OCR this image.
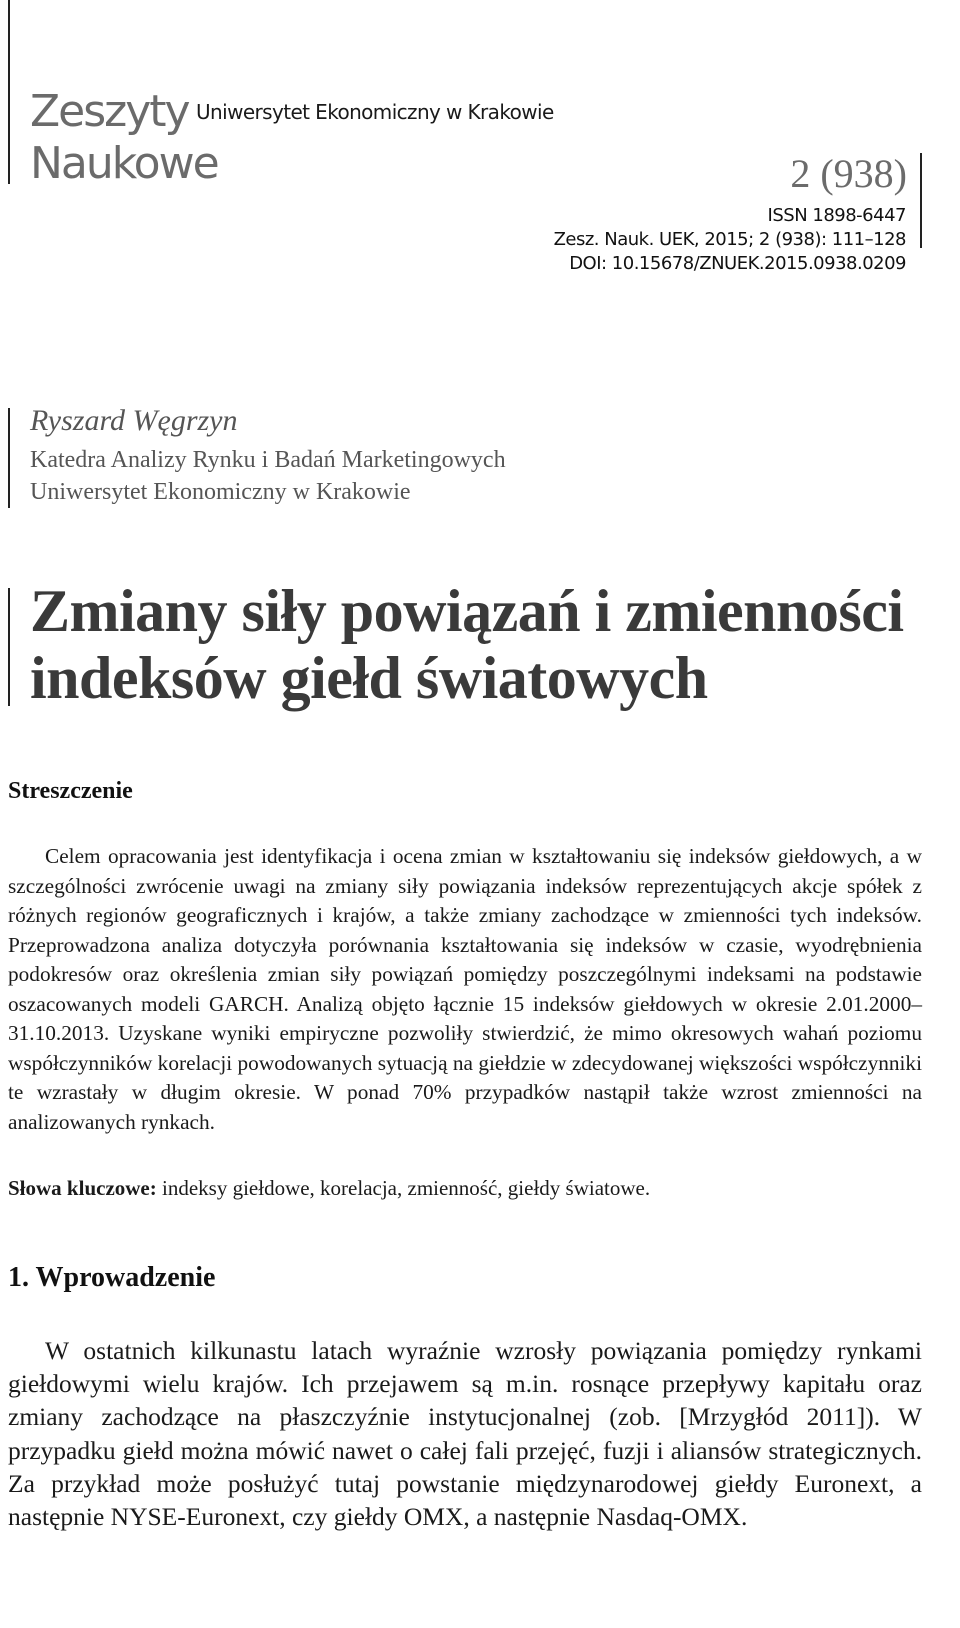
Zeszyty
Naukowe
Uniwersytet Ekonomiczny w Krakowie
2 (938)
ISSN 1898-6447
Zesz. Nauk. UEK, 2015; 2 (938): 111–128
DOI: 10.15678/ZNUEK.2015.0938.0209
Ryszard Węgrzyn
Katedra Analizy Rynku i Badań Marketingowych
Uniwersytet Ekonomiczny w Krakowie
Zmiany siły powiązań i zmienności
indeksów giełd światowych
Streszczenie
Celem opracowania jest identyfikacja i ocena zmian w kształtowaniu się indeksów giełdowych, a w szczególności zwrócenie uwagi na zmiany siły powiązania indeksów reprezentujących akcje spółek z różnych regionów geograficznych i krajów, a także zmiany zachodzące w zmienności tych indeksów. Przeprowadzona analiza dotyczyła porównania kształtowania się indeksów w czasie, wyodrębnienia podokresów oraz określenia zmian siły powiązań pomiędzy poszczególnymi indeksami na podstawie oszacowanych modeli GARCH. Analizą objęto łącznie 15 indeksów giełdowych w okresie 2.01.2000–31.10.2013. Uzyskane wyniki empiryczne pozwoliły stwierdzić, że mimo okresowych wahań poziomu współczynników korelacji powodowanych sytuacją na giełdzie w zdecydowanej większości współczynniki te wzrastały w długim okresie. W ponad 70% przypadków nastąpił także wzrost zmienności na analizowanych rynkach.
Słowa kluczowe: indeksy giełdowe, korelacja, zmienność, giełdy światowe.
1. Wprowadzenie
W ostatnich kilkunastu latach wyraźnie wzrosły powiązania pomiędzy rynkami giełdowymi wielu krajów. Ich przejawem są m.in. rosnące przepływy kapitału oraz zmiany zachodzące na płaszczyźnie instytucjonalnej (zob. [Mrzygłód 2011]). W przypadku giełd można mówić nawet o całej fali przejęć, fuzji i aliansów strategicznych. Za przykład może posłużyć tutaj powstanie międzynarodowej giełdy Euronext, a następnie NYSE-Euronext, czy giełdy OMX, a następnie Nasdaq-OMX.
